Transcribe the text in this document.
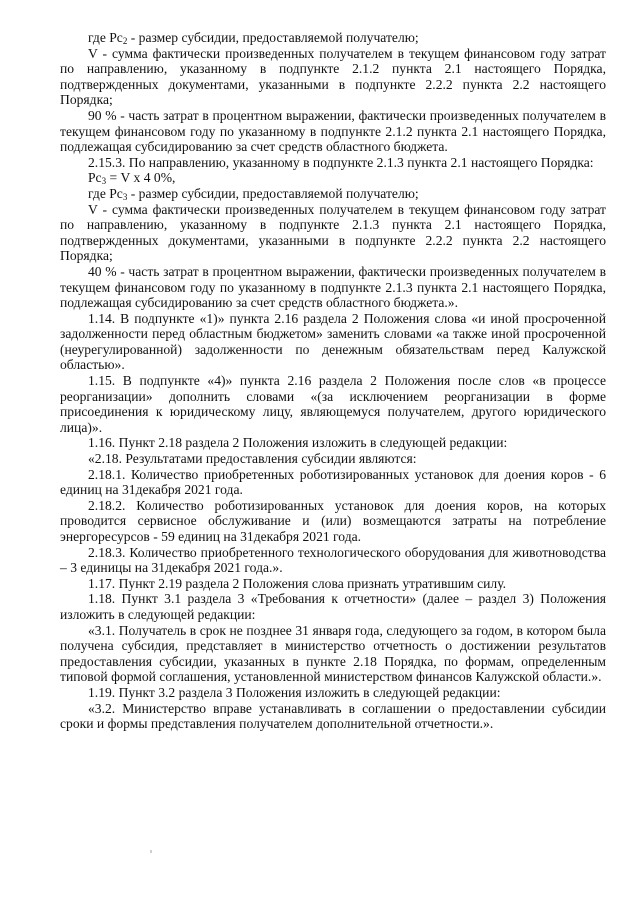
где $Рс_2$ - размер субсидии, предоставляемой получателю;

V - сумма фактически произведенных получателем в текущем финансовом году затрат по направлению, указанному в подпункте 2.1.2 пункта 2.1 настоящего Порядка, подтвержденных документами, указанными в подпункте 2.2.2 пункта 2.2 настоящего Порядка;

90 % - часть затрат в процентном выражении, фактически произведенных получателем в текущем финансовом году по указанному в подпункте 2.1.2 пункта 2.1 настоящего Порядка, подлежащая субсидированию за счет средств областного бюджета.

2.15.3. По направлению, указанному в подпункте 2.1.3 пункта 2.1 настоящего Порядка:

$Рс_3 = V$ х 4 0%,

где $Рс_3$ - размер субсидии, предоставляемой получателю;

V - сумма фактически произведенных получателем в текущем финансовом году затрат по направлению, указанному в подпункте 2.1.3 пункта 2.1 настоящего Порядка, подтвержденных документами, указанными в подпункте 2.2.2 пункта 2.2 настоящего Порядка;

40 % - часть затрат в процентном выражении, фактически произведенных получателем в текущем финансовом году по указанному в подпункте 2.1.3 пункта 2.1 настоящего Порядка, подлежащая субсидированию за счет средств областного бюджета.».

1.14. В подпункте «1)» пункта 2.16 раздела 2 Положения слова «и иной просроченной задолженности перед областным бюджетом» заменить словами «а также иной просроченной (неурегулированной) задолженности по денежным обязательствам перед Калужской областью».

1.15. В подпункте «4)» пункта 2.16 раздела 2 Положения после слов «в процессе реорганизации» дополнить словами «(за исключением реорганизации в форме присоединения к юридическому лицу, являющемуся получателем, другого юридического лица)».

1.16. Пункт 2.18 раздела 2 Положения изложить в следующей редакции:

«2.18. Результатами предоставления субсидии являются:

2.18.1. Количество приобретенных роботизированных установок для доения коров - 6 единиц на 31декабря 2021 года.

2.18.2. Количество роботизированных установок для доения коров, на которых проводится сервисное обслуживание и (или) возмещаются затраты на потребление энергоресурсов - 59 единиц на 31декабря 2021 года.

2.18.3. Количество приобретенного технологического оборудования для животноводства – 3 единицы на 31декабря 2021 года.».

1.17. Пункт 2.19 раздела 2 Положения слова признать утратившим силу.

1.18. Пункт 3.1 раздела 3 «Требования к отчетности» (далее – раздел 3) Положения изложить в следующей редакции:

«3.1. Получатель в срок не позднее 31 января года, следующего за годом, в котором была получена субсидия, представляет в министерство отчетность о достижении результатов предоставления субсидии, указанных в пункте 2.18 Порядка, по формам, определенным типовой формой соглашения, установленной министерством финансов Калужской области.».

1.19. Пункт 3.2 раздела 3 Положения изложить в следующей редакции:

«3.2. Министерство вправе устанавливать в соглашении о предоставлении субсидии сроки и формы представления получателем дополнительной отчетности.».
